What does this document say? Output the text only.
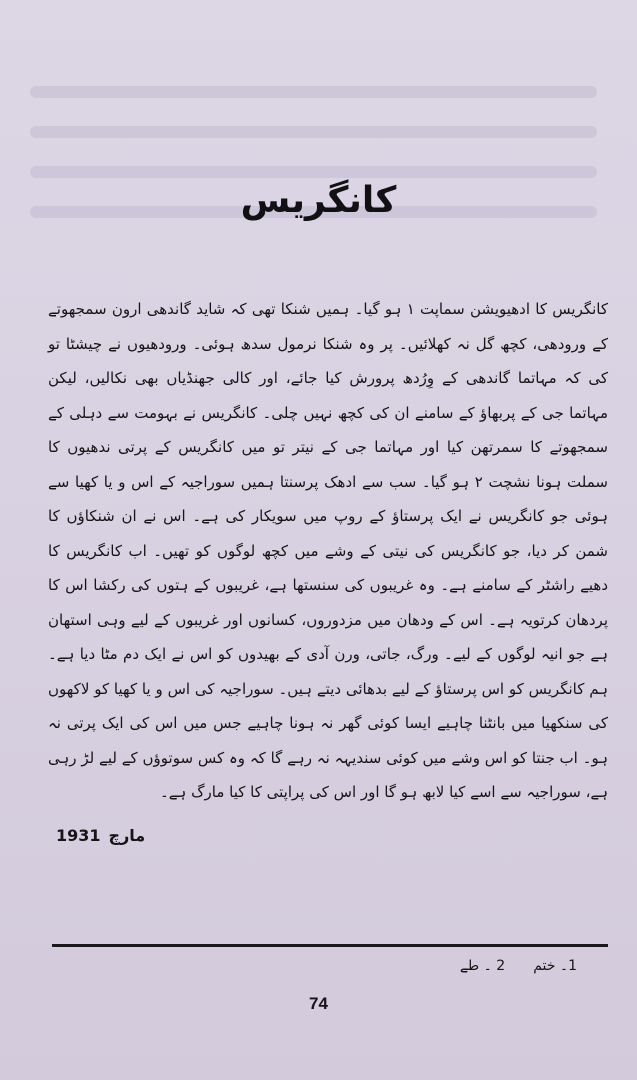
کانگریس

کانگریس کا ادھیویشن سماپت ۱ ہو گیا۔ ہمیں شنکا تھی کہ شاید گاندھی ارون سمجھوتے کے ورودھی، کچھ گل نہ کھلائیں۔ پر وہ شنکا نرمول سدھ ہوئی۔ ورودھیوں نے چیشٹا تو کی کہ مہاتما گاندھی کے وِرُدھ پرورش کیا جائے، اور کالی جھنڈیاں بھی نکالیں، لیکن مہاتما جی کے پربھاؤ کے سامنے ان کی کچھ نہیں چلی۔ کانگریس نے بہومت سے دہلی کے سمجھوتے کا سمرتھن کیا اور مہاتما جی کے نیتر تو میں کانگریس کے پرتی ندھیوں کا سملت ہونا نشچت ۲ ہو گیا۔ سب سے ادھک پرسنتا ہمیں سوراجیہ کے اس و یا کھیا سے ہوئی جو کانگریس نے ایک پرستاؤ کے روپ میں سویکار کی ہے۔ اس نے ان شنکاؤں کا شمن کر دیا، جو کانگریس کی نیتی کے وشے میں کچھ لوگوں کو تھیں۔ اب کانگریس کا دھیے راشٹر کے سامنے ہے۔ وہ غریبوں کی سنستھا ہے، غریبوں کے ہتوں کی رکشا اس کا پردھان کرتویہ ہے۔ اس کے ودھان میں مزدوروں، کسانوں اور غریبوں کے لیے وہی استھان ہے جو انیہ لوگوں کے لیے۔ ورگ، جاتی، ورن آدی کے بھیدوں کو اس نے ایک دم مٹا دیا ہے۔ ہم کانگریس کو اس پرستاؤ کے لیے بدھائی دیتے ہیں۔ سوراجیہ کی اس و یا کھیا کو لاکھوں کی سنکھیا میں بانٹنا چاہیے ایسا کوئی گھر نہ ہونا چاہیے جس میں اس کی ایک پرتی نہ ہو۔ اب جنتا کو اس وشے میں کوئی سندیہہ نہ رہے گا کہ وہ کس سوتوؤں کے لیے لڑ رہی ہے، سوراجیہ سے اسے کیا لابھ ہو گا اور اس کی پراپتی کا کیا مارگ ہے۔

مارچ
1931
1۔ ختم
2 ۔ طے
74
